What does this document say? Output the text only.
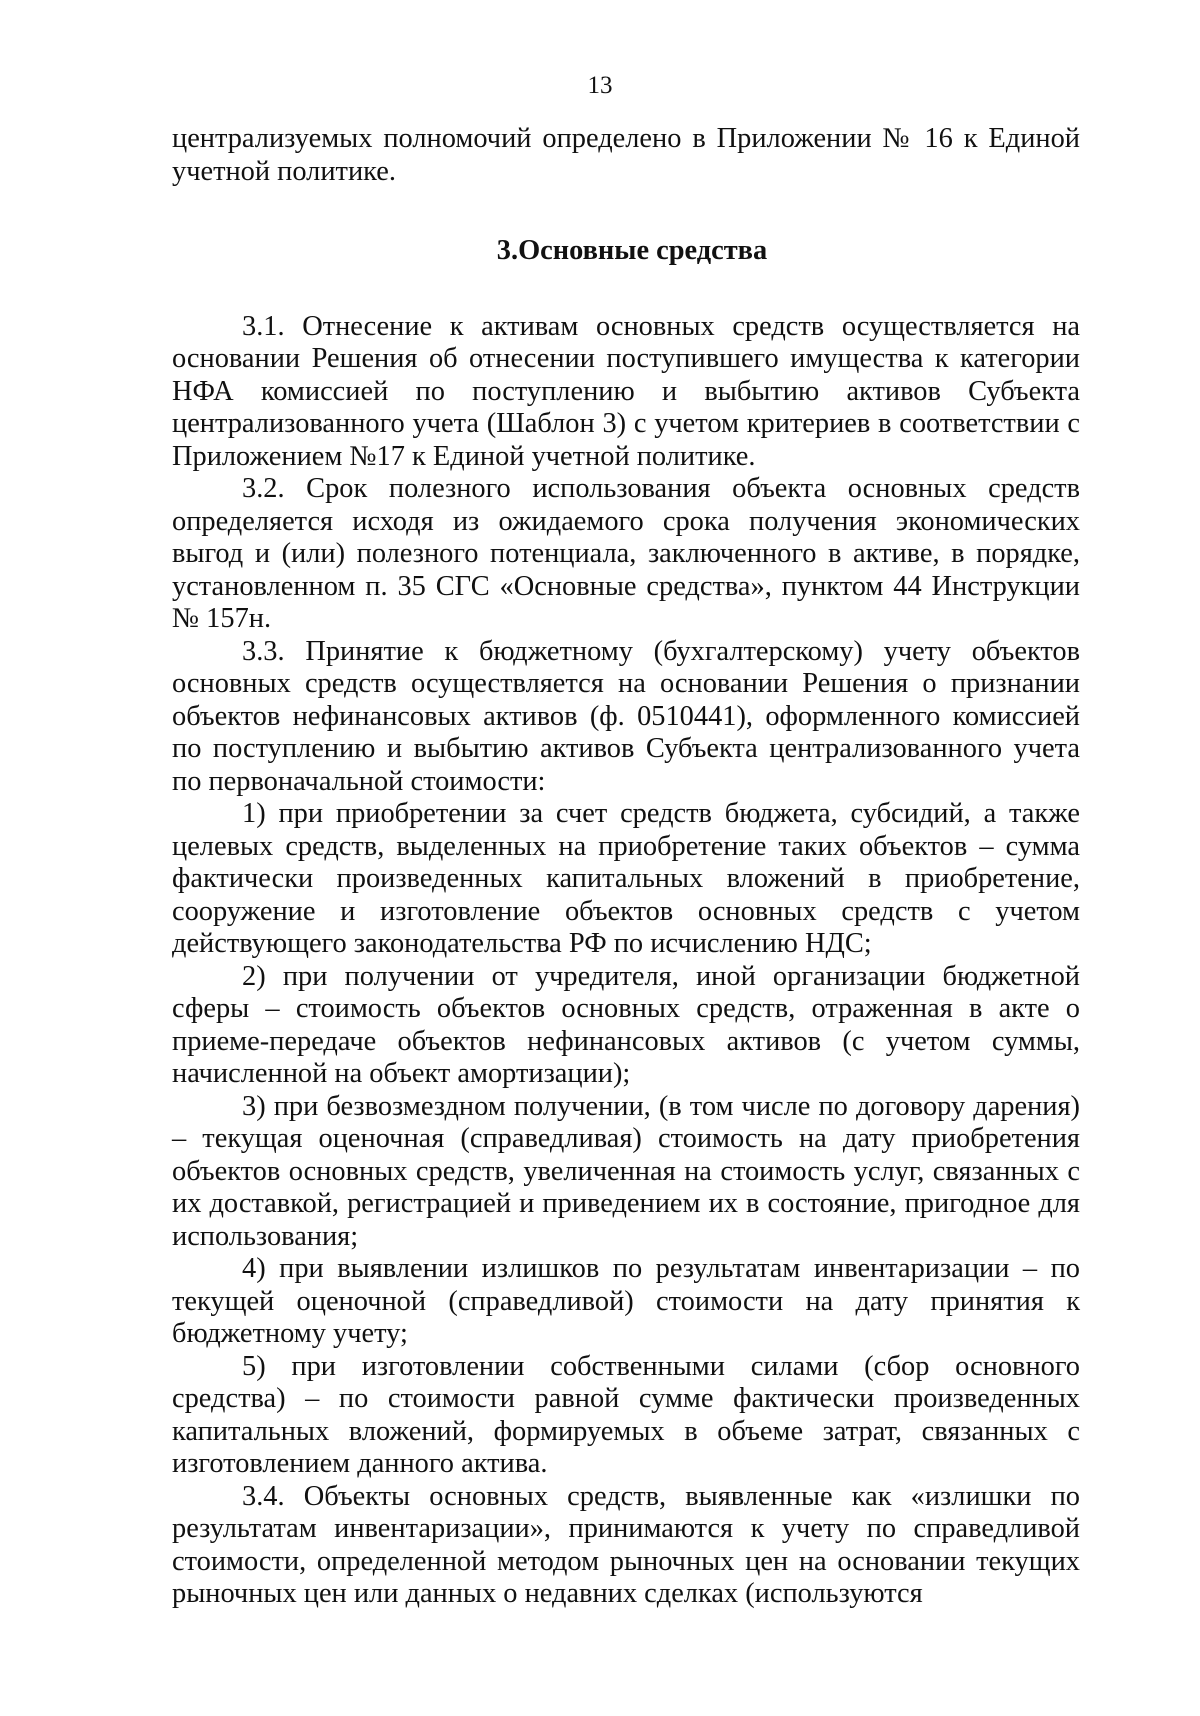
13

централизуемых полномочий определено в Приложении № 16 к Единой учетной политике.

3.Основные средства

3.1. Отнесение к активам основных средств осуществляется на основании Решения об отнесении поступившего имущества к категории НФА комиссией по поступлению и выбытию активов Субъекта централизованного учета (Шаблон 3) с учетом критериев в соответствии с Приложением №17 к Единой учетной политике.

3.2. Срок полезного использования объекта основных средств определяется исходя из ожидаемого срока получения экономических выгод и (или) полезного потенциала, заключенного в активе, в порядке, установленном п. 35 СГС «Основные средства», пунктом 44 Инструкции № 157н.

3.3. Принятие к бюджетному (бухгалтерскому) учету объектов основных средств осуществляется на основании Решения о признании объектов нефинансовых активов (ф. 0510441), оформленного комиссией по поступлению и выбытию активов Субъекта централизованного учета по первоначальной стоимости:

1) при приобретении за счет средств бюджета, субсидий, а также целевых средств, выделенных на приобретение таких объектов – сумма фактически произведенных капитальных вложений в приобретение, сооружение и изготовление объектов основных средств с учетом действующего законодательства РФ по исчислению НДС;

2) при получении от учредителя, иной организации бюджетной сферы – стоимость объектов основных средств, отраженная в акте о приеме-передаче объектов нефинансовых активов (с учетом суммы, начисленной на объект амортизации);

3) при безвозмездном получении, (в том числе по договору дарения) – текущая оценочная (справедливая) стоимость на дату приобретения объектов основных средств, увеличенная на стоимость услуг, связанных с их доставкой, регистрацией и приведением их в состояние, пригодное для использования;

4) при выявлении излишков по результатам инвентаризации – по текущей оценочной (справедливой) стоимости на дату принятия к бюджетному учету;

5) при изготовлении собственными силами (сбор основного средства) – по стоимости равной сумме фактически произведенных капитальных вложений, формируемых в объеме затрат, связанных с изготовлением данного актива.

3.4. Объекты основных средств, выявленные как «излишки по результатам инвентаризации», принимаются к учету по справедливой стоимости, определенной методом рыночных цен на основании текущих рыночных цен или данных о недавних сделках (используются
